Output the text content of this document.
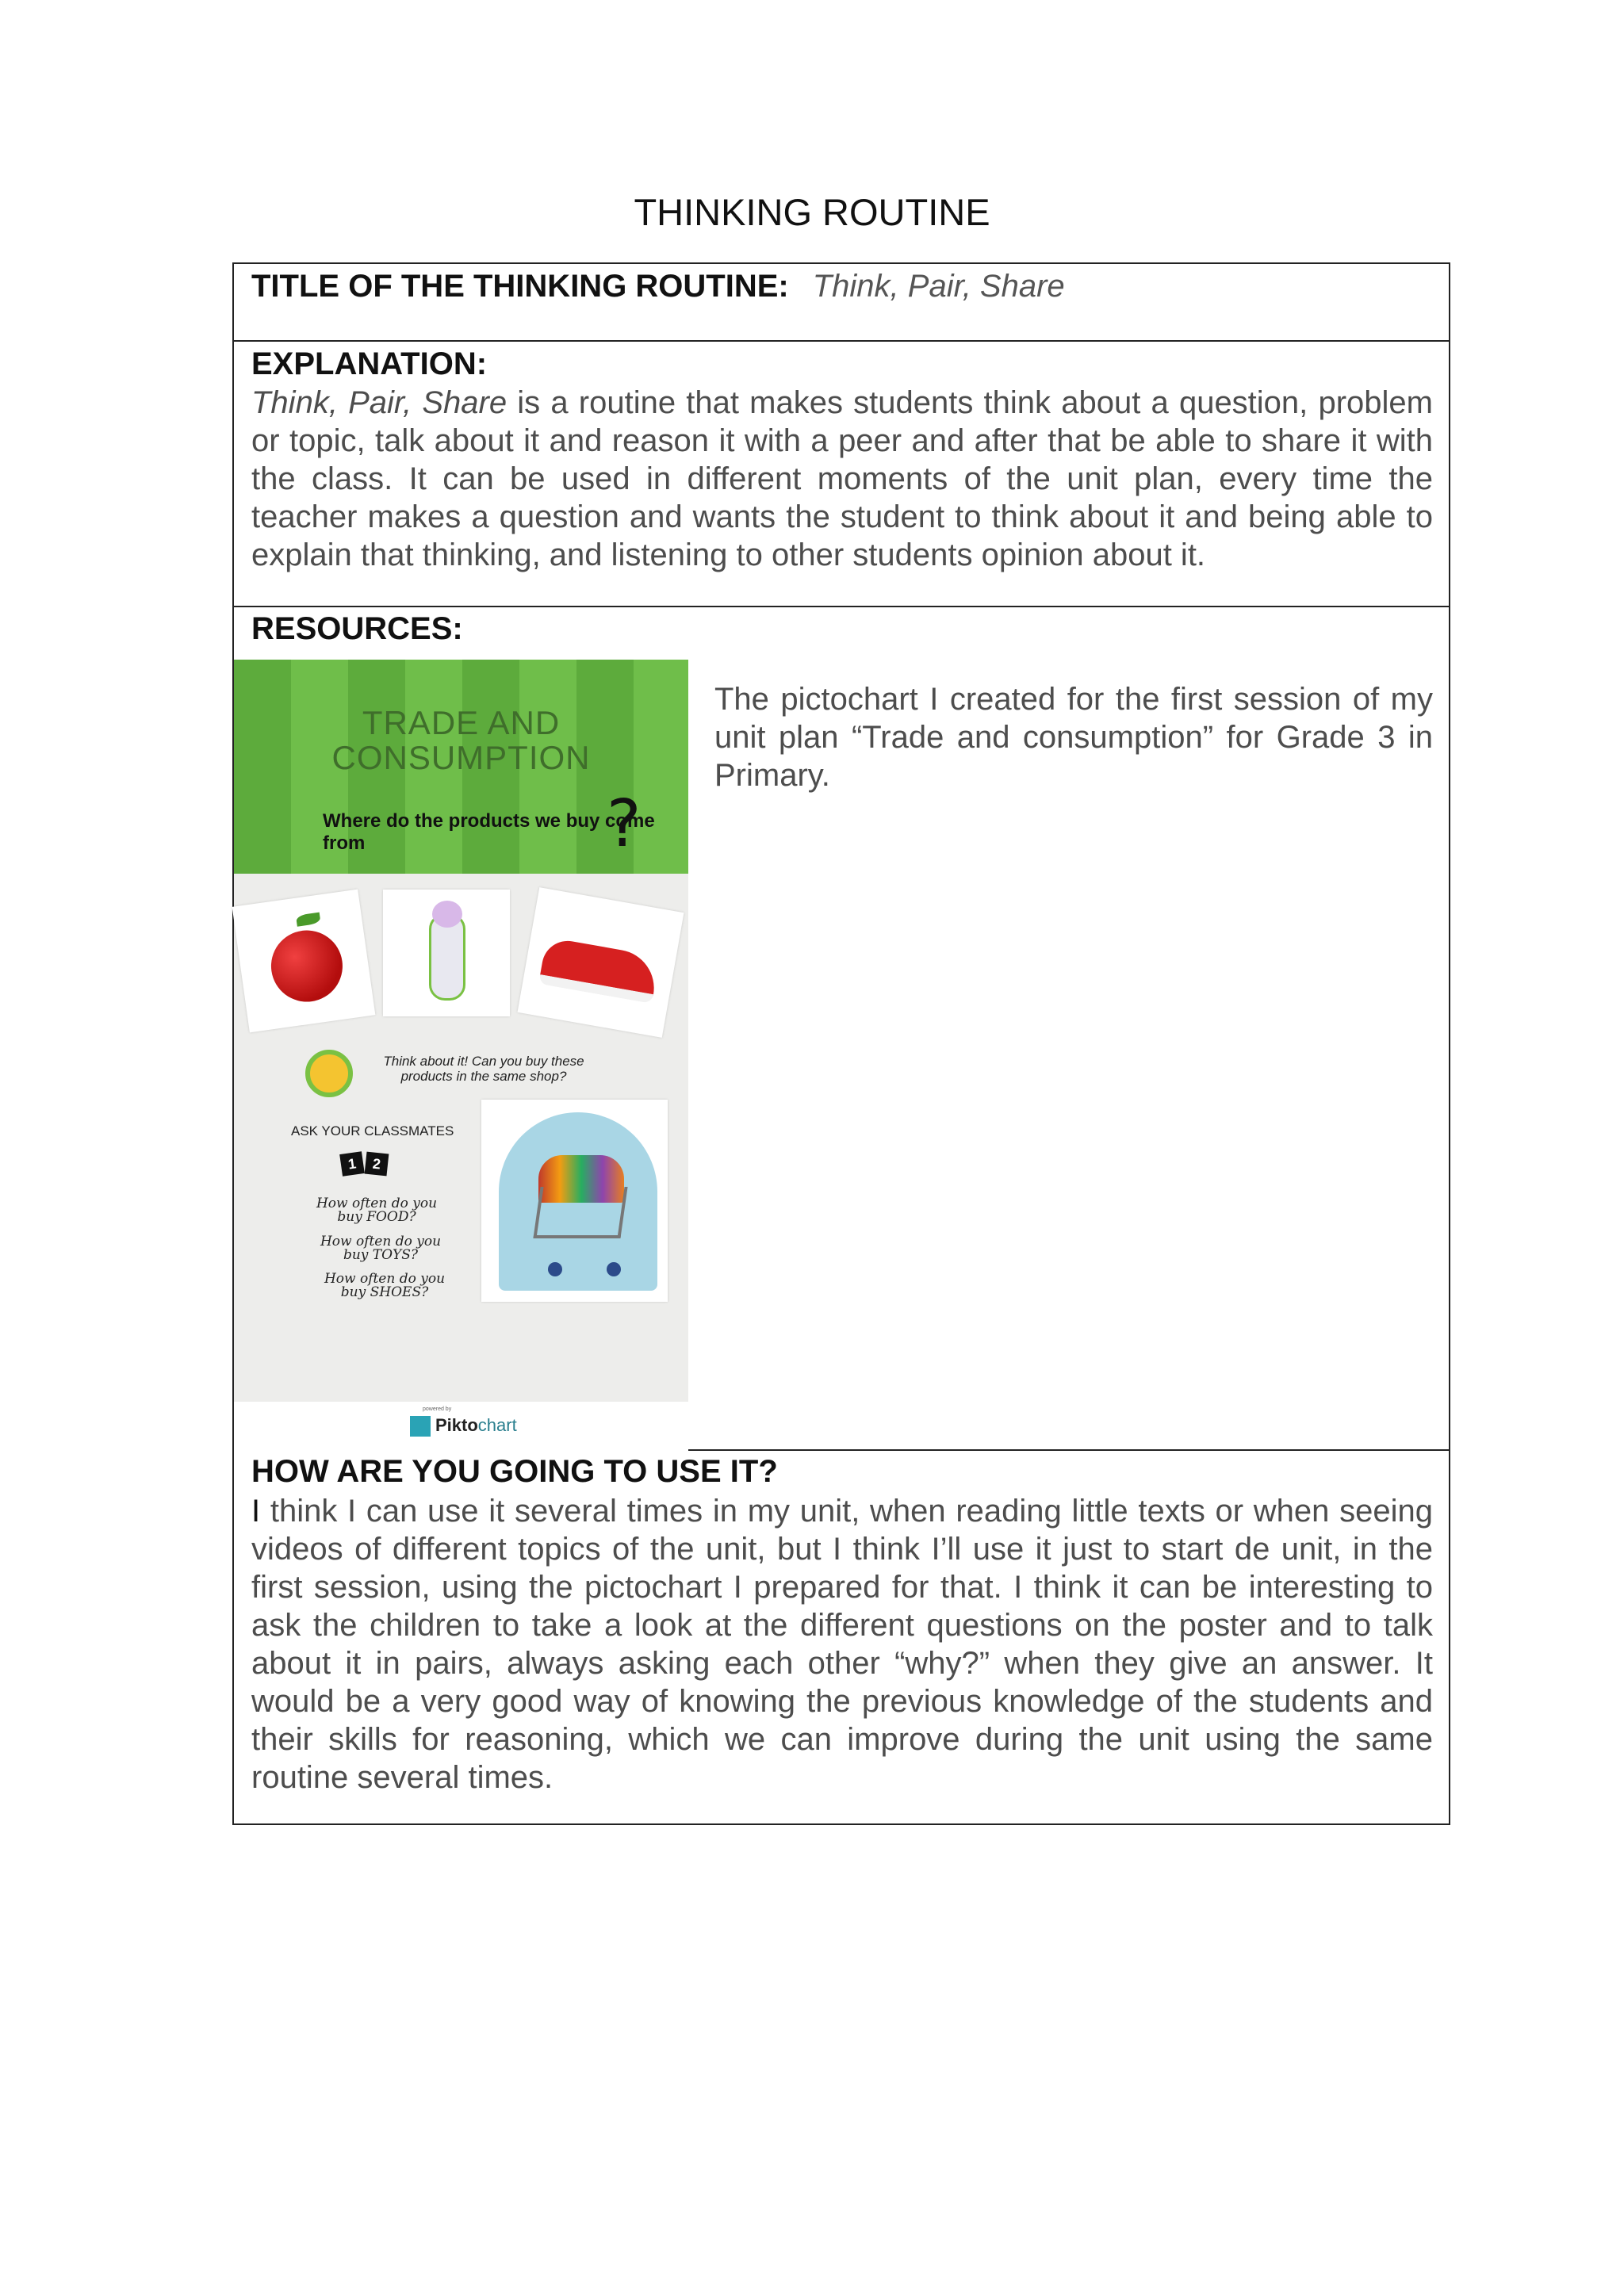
THINKING ROUTINE
TITLE OF THE THINKING ROUTINE: Think, Pair, Share
EXPLANATION:
Think, Pair, Share is a routine that makes students think about a question, problem or topic, talk about it and reason it with a peer and after that be able to share it with the class. It can be used in different moments of the unit plan, every time the teacher makes a question and wants the student to think about it and being able to explain that thinking, and listening to other students opinion about it.
RESOURCES:
TRADE AND
CONSUMPTION
Where do the products we buy come from	?
Think about it! Can you buy these products in the same shop?
ASK YOUR CLASSMATES
1	2
How often do you buy FOOD?
How often do you buy TOYS?
How often do you buy SHOES?
powered by
Piktochart
The pictochart I created for the first session of my unit plan “Trade and consumption” for Grade 3 in Primary.
HOW ARE YOU GOING TO USE IT?
I think I can use it several times in my unit, when reading little texts or when seeing videos of different topics of the unit, but I think I’ll use it just to start de unit, in the first session, using the pictochart I prepared for that. I think it can be interesting to ask the children to take a look at the different questions on the poster and to talk about it in pairs, always asking each other “why?” when they give an answer. It would be a very good way of knowing the previous knowledge of the students and their skills for reasoning, which we can improve during the unit using the same routine several times.
